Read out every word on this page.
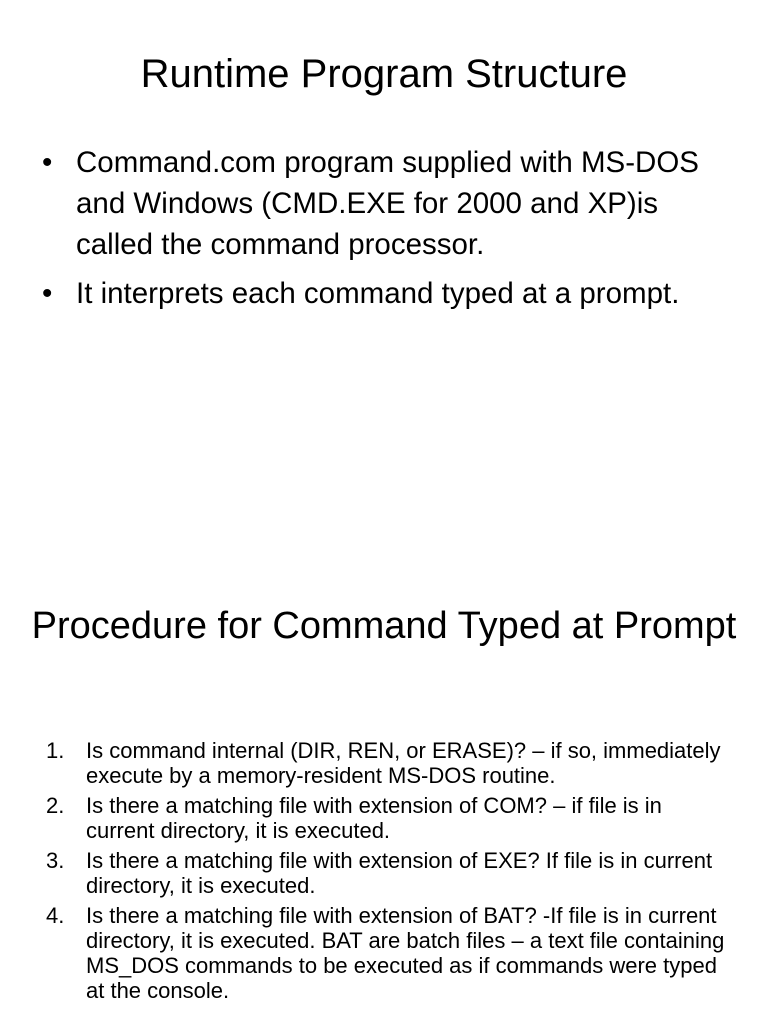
Runtime Program Structure
• Command.com program supplied with MS-DOS and Windows (CMD.EXE for 2000 and XP)is called the command processor.
• It interprets each command typed at a prompt.
Procedure for Command Typed at Prompt
1. Is command internal (DIR, REN, or ERASE)? – if so, immediately execute by a memory-resident MS-DOS routine.
2. Is there a matching file with extension of COM? – if file is in current directory, it is executed.
3. Is there a matching file with extension of EXE? If file is in current directory, it is executed.
4. Is there a matching file with extension of BAT? -If file is in current directory, it is executed. BAT are batch files – a text file containing MS_DOS commands to be executed as if commands were typed at the console.
